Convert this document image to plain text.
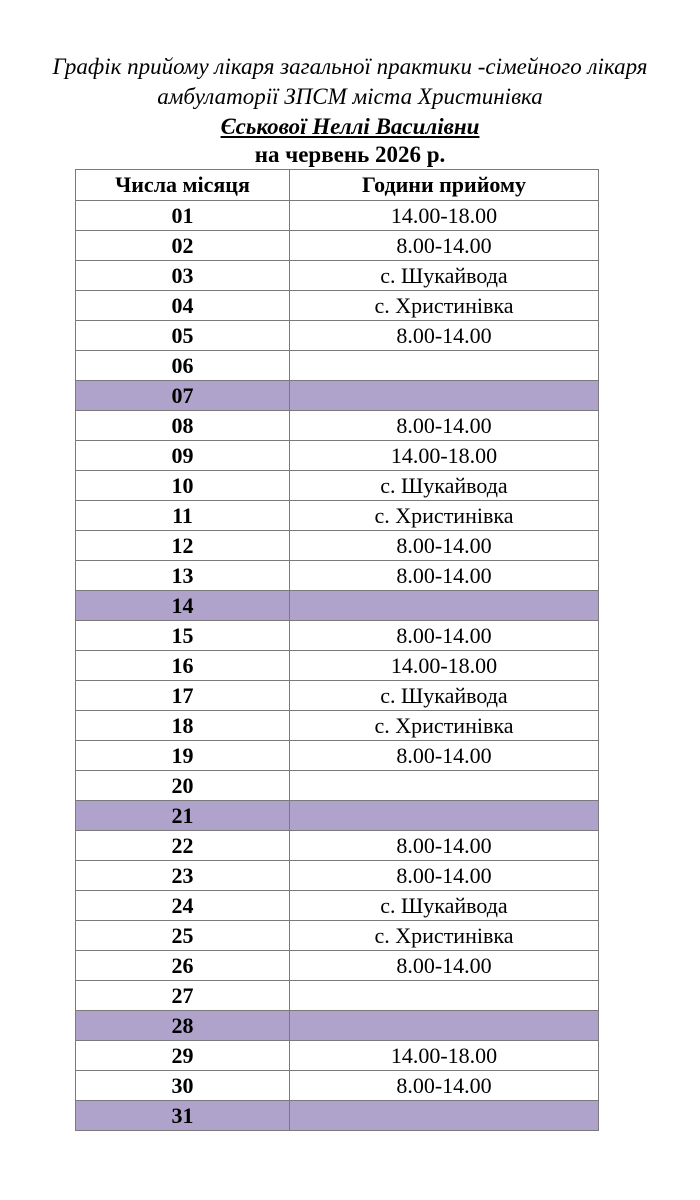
Графік прийому лікаря загальної практики -сімейного лікаря

амбулаторії ЗПСМ міста Христинівка

Єськової Неллі Василівни

на червень 2026 р.

Числа місяця	Години прийому
01	14.00-18.00
02	8.00-14.00
03	с. Шукайвода
04	с. Христинівка
05	8.00-14.00
06	
07	
08	8.00-14.00
09	14.00-18.00
10	с. Шукайвода
11	с. Христинівка
12	8.00-14.00
13	8.00-14.00
14	
15	8.00-14.00
16	14.00-18.00
17	с. Шукайвода
18	с. Христинівка
19	8.00-14.00
20	
21	
22	8.00-14.00
23	8.00-14.00
24	с. Шукайвода
25	с. Христинівка
26	8.00-14.00
27	
28	
29	14.00-18.00
30	8.00-14.00
31	
